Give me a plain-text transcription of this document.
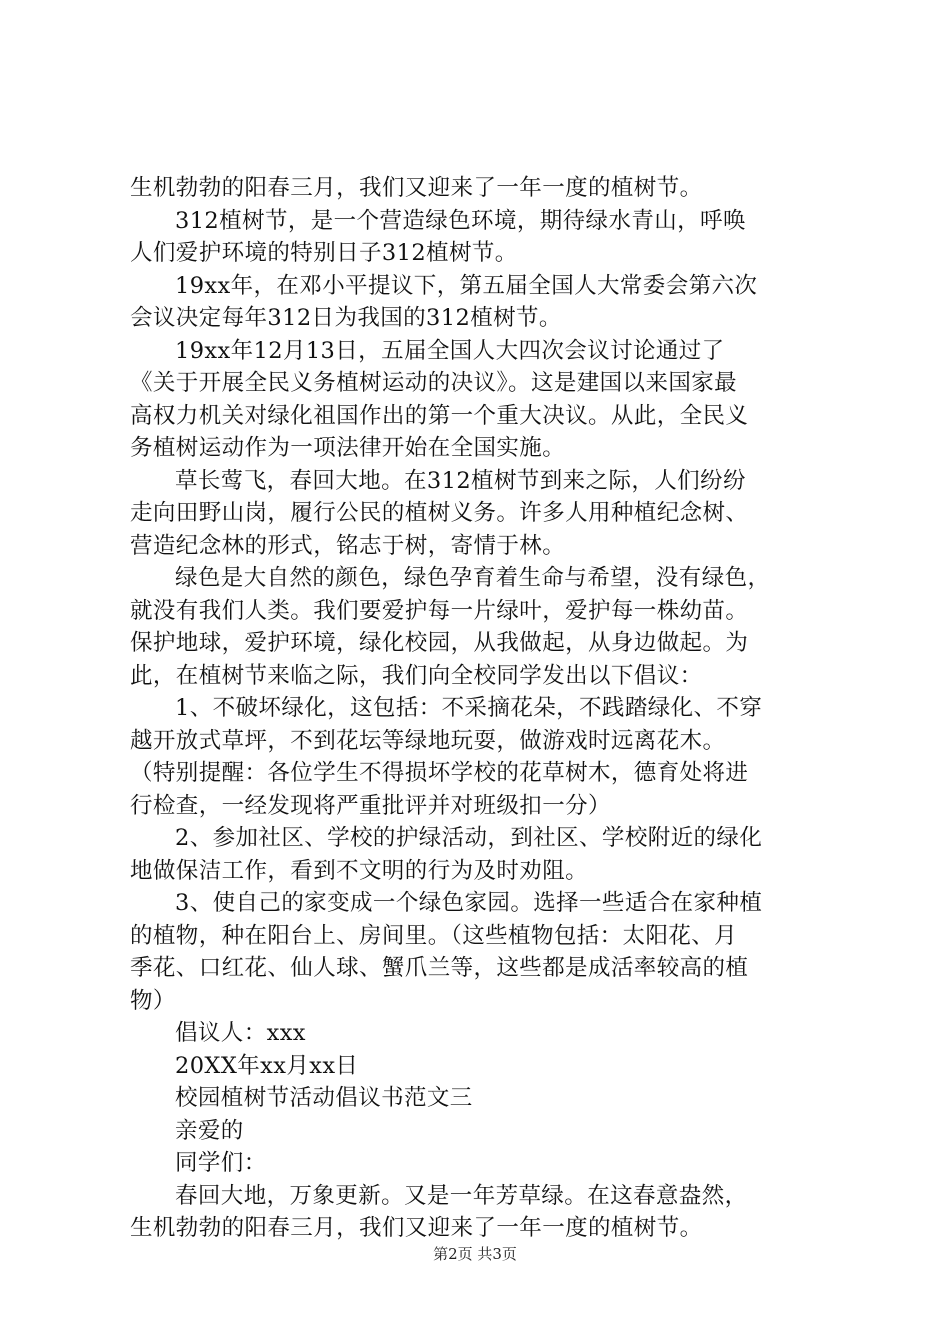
生机勃勃的阳春三月，我们又迎来了一年一度的植树节。
312植树节，是一个营造绿色环境，期待绿水青山，呼唤
人们爱护环境的特别日子312植树节。
19xx年，在邓小平提议下，第五届全国人大常委会第六次
会议决定每年312日为我国的312植树节。
19xx年12月13日，五届全国人大四次会议讨论通过了
《关于开展全民义务植树运动的决议》。这是建国以来国家最
高权力机关对绿化祖国作出的第一个重大决议。从此，全民义
务植树运动作为一项法律开始在全国实施。
草长莺飞，春回大地。在312植树节到来之际，人们纷纷
走向田野山岗，履行公民的植树义务。许多人用种植纪念树、
营造纪念林的形式，铭志于树，寄情于林。
绿色是大自然的颜色，绿色孕育着生命与希望，没有绿色，
就没有我们人类。我们要爱护每一片绿叶，爱护每一株幼苗。
保护地球，爱护环境，绿化校园，从我做起，从身边做起。为
此，在植树节来临之际，我们向全校同学发出以下倡议：
1、不破坏绿化，这包括：不采摘花朵，不践踏绿化、不穿
越开放式草坪，不到花坛等绿地玩耍，做游戏时远离花木。
（特别提醒：各位学生不得损坏学校的花草树木，德育处将进
行检查，一经发现将严重批评并对班级扣一分）
2、参加社区、学校的护绿活动，到社区、学校附近的绿化
地做保洁工作，看到不文明的行为及时劝阻。
3、使自己的家变成一个绿色家园。选择一些适合在家种植
的植物，种在阳台上、房间里。（这些植物包括：太阳花、月
季花、口红花、仙人球、蟹爪兰等，这些都是成活率较高的植
物）
倡议人：xxx
20XX年xx月xx日
校园植树节活动倡议书范文三
亲爱的
同学们：
春回大地，万象更新。又是一年芳草绿。在这春意盎然，
生机勃勃的阳春三月，我们又迎来了一年一度的植树节。
第2页 共3页
